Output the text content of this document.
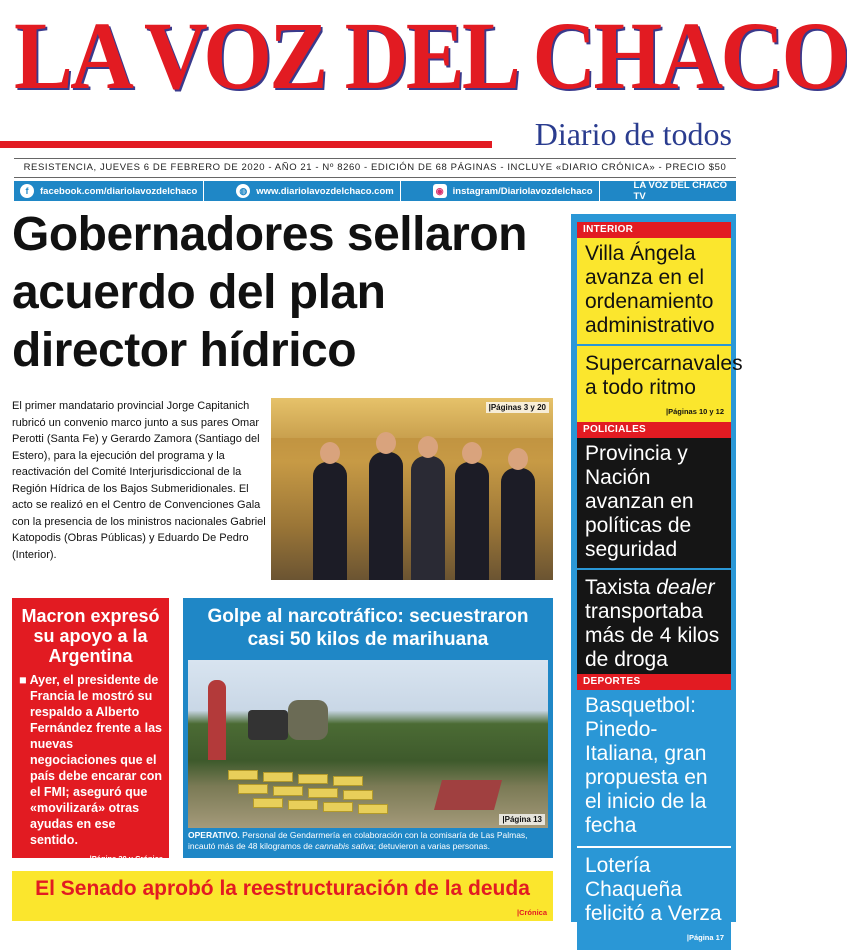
LA VOZ DEL CHACO
Diario de todos
RESISTENCIA, JUEVES 6 DE FEBRERO DE 2020 - AÑO 21 - Nº 8260 - EDICIÓN DE 68 PÁGINAS - INCLUYE «DIARIO CRÓNICA» - PRECIO $50
f	facebook.com/diariolavozdelchaco	◍ www.diariolavozdelchaco.com	◉ instagram/Diariolavozdelchaco	LA VOZ DEL CHACO TV
Gobernadores sellaron acuerdo del plan director hídrico

El primer mandatario provincial Jorge Capitanich rubricó un convenio marco junto a sus pares Omar Perotti (Santa Fe) y Gerardo Zamora (Santiago del Estero), para la ejecución del programa y la reactivación del Comité Interjurisdiccional de la Región Hídrica de los Bajos Submeridionales. El acto se realizó en el Centro de Convenciones Gala con la presencia de los ministros nacionales Gabriel Katopodis (Obras Públicas) y Eduardo De Pedro (Interior).

|Páginas 3 y 20
INTERIOR
Villa Ángela avanza en el ordenamiento administrativo
Supercarnavales a todo ritmo
|Páginas 10 y 12
POLICIALES
Provincia y Nación avanzan en políticas de seguridad
Taxista dealer transportaba más de 4 kilos de droga
DEPORTES
Basquetbol: Pinedo-Italiana, gran propuesta en el inicio de la fecha
Lotería Chaqueña felicitó a Verza
|Página 17
Macron expresó su apoyo a la Argentina
■ Ayer, el presidente de Francia le mostró su respaldo a Alberto Fernández frente a las nuevas negociaciones que el país debe encarar con el FMI; aseguró que «movilizará» otras ayudas en ese sentido.
|Página 20 y Crónica
Golpe al narcotráfico: secuestraron casi 50 kilos de marihuana
|Página 13
OPERATIVO. Personal de Gendarmería en colaboración con la comisaría de Las Palmas, incautó más de 48 kilogramos de cannabis sativa; detuvieron a varias personas.
El Senado aprobó la reestructuración de la deuda
|Crónica
